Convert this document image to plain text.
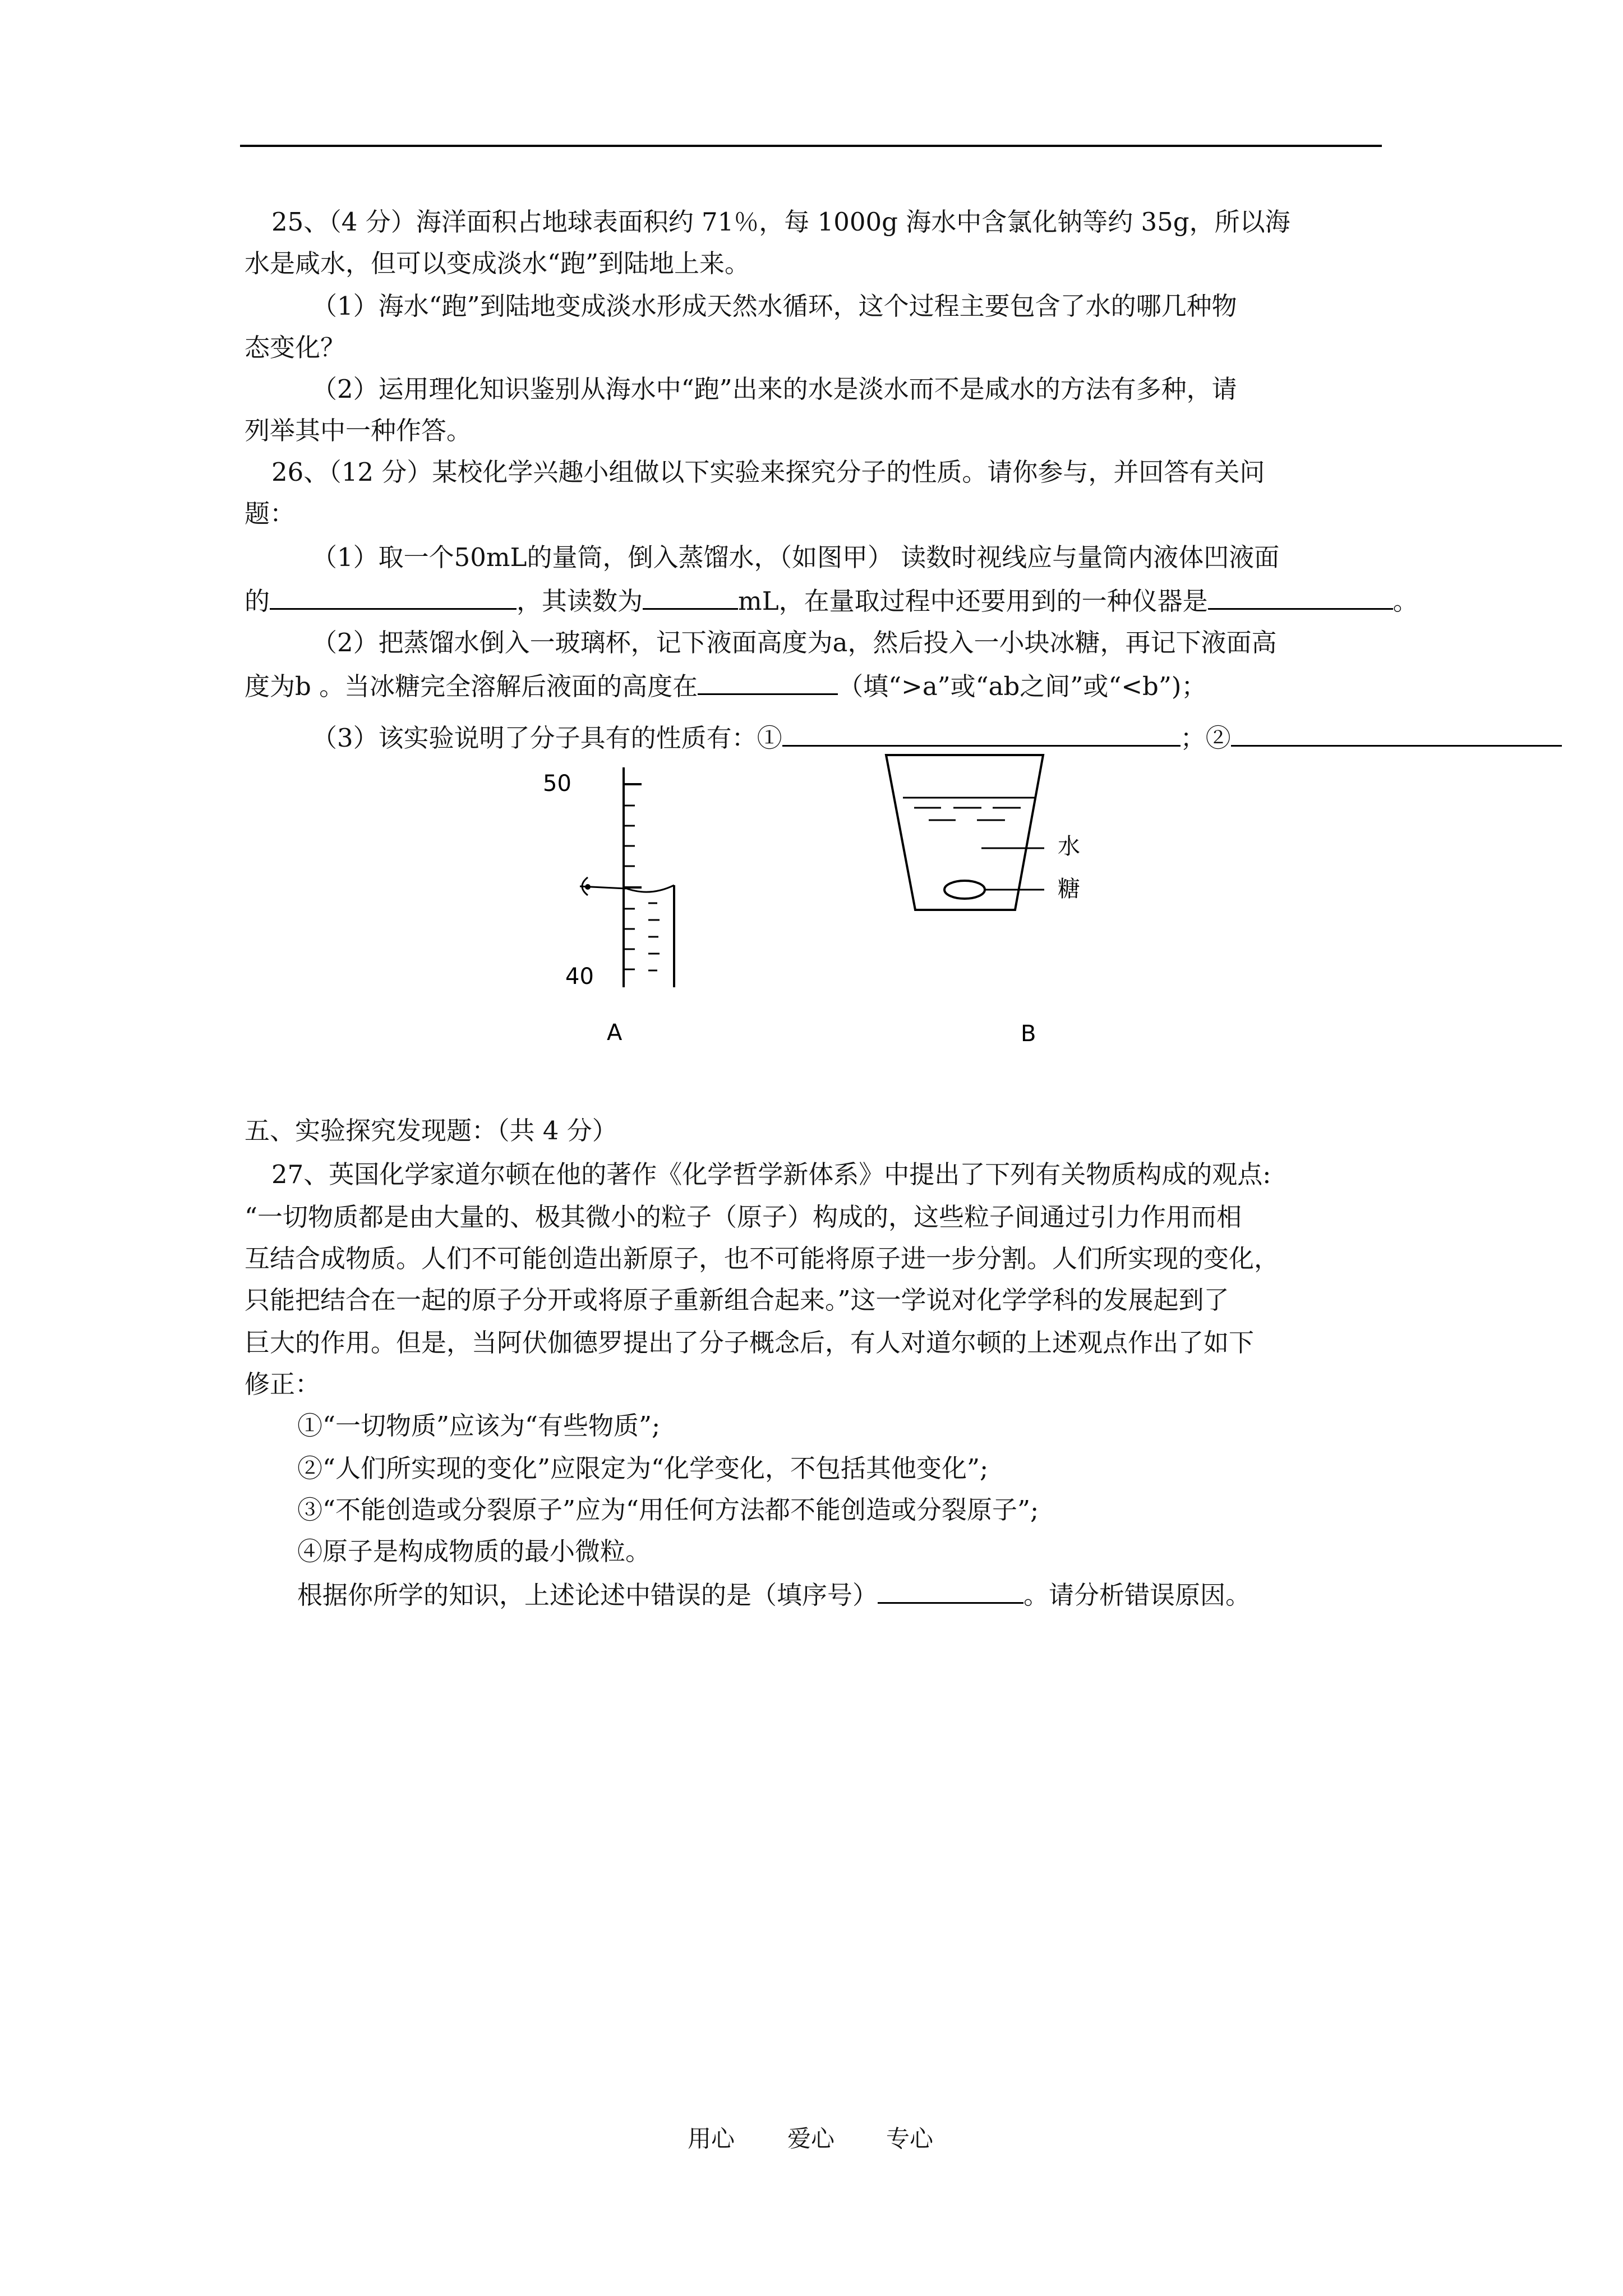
25、（4 分）海洋面积占地球表面积约 71％，每 1000g 海水中含氯化钠等约 35g，所以海
水是咸水，但可以变成淡水“跑”到陆地上来。
（1）海水“跑”到陆地变成淡水形成天然水循环，这个过程主要包含了水的哪几种物
态变化？
（2）运用理化知识鉴别从海水中“跑”出来的水是淡水而不是咸水的方法有多种，请
列举其中一种作答。
26、（12 分）某校化学兴趣小组做以下实验来探究分子的性质。请你参与，并回答有关问
题：
（1）取一个50mL的量筒，倒入蒸馏水，（如图甲） 读数时视线应与量筒内液体凹液面
的	，其读数为	mL，在量取过程中还要用到的一种仪器是	。
（2）把蒸馏水倒入一玻璃杯，记下液面高度为a，然后投入一小块冰糖，再记下液面高
度为b 。当冰糖完全溶解后液面的高度在	（填“>a”或“ab之间”或“<b”)；
（3）该实验说明了分子具有的性质有：①	；②
50
40
A
水
糖
B
五、实验探究发现题：（共 4 分）
27、英国化学家道尔顿在他的著作《化学哲学新体系》中提出了下列有关物质构成的观点:
“一切物质都是由大量的、极其微小的粒子（原子）构成的，这些粒子间通过引力作用而相
互结合成物质。人们不可能创造出新原子，也不可能将原子进一步分割。人们所实现的变化，
只能把结合在一起的原子分开或将原子重新组合起来。”这一学说对化学学科的发展起到了
巨大的作用。但是，当阿伏伽德罗提出了分子概念后，有人对道尔顿的上述观点作出了如下
修正：
①“一切物质”应该为“有些物质”;
②“人们所实现的变化”应限定为“化学变化，不包括其他变化”;
③“不能创造或分裂原子”应为“用任何方法都不能创造或分裂原子”;
④原子是构成物质的最小微粒。
根据你所学的知识，上述论述中错误的是（填序号）	。请分析错误原因。
用心 爱心 专心
